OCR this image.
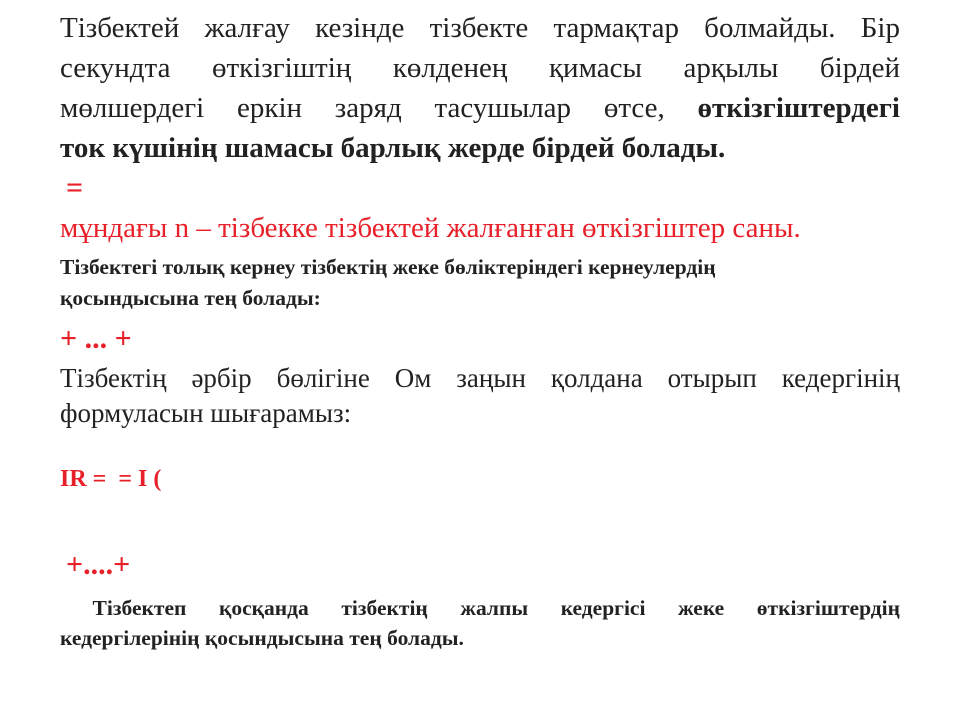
Тізбектей жалғау кезінде тізбекте тармақтар болмайды. Бір

секундта өткізгіштің көлденең қимасы арқылы бірдей

мөлшердегі еркін заряд тасушылар өтсе, өткізгіштердегі

ток күшінің шамасы барлық жерде бірдей болады.

=

мұндағы n – тізбекке тізбектей жалғанған өткізгіштер саны.

Тізбектегі толық кернеу тізбектің жеке бөліктеріндегі кернеулердің

қосындысына тең болады:

+ ... +

Тізбектің әрбір бөлігіне Ом заңын қолдана отырып кедергінің

формуласын шығарамыз:

IR =  = I (

+....+

Тізбектеп қосқанда тізбектің жалпы кедергісі жеке өткізгіштердің

кедергілерінің қосындысына тең болады.
